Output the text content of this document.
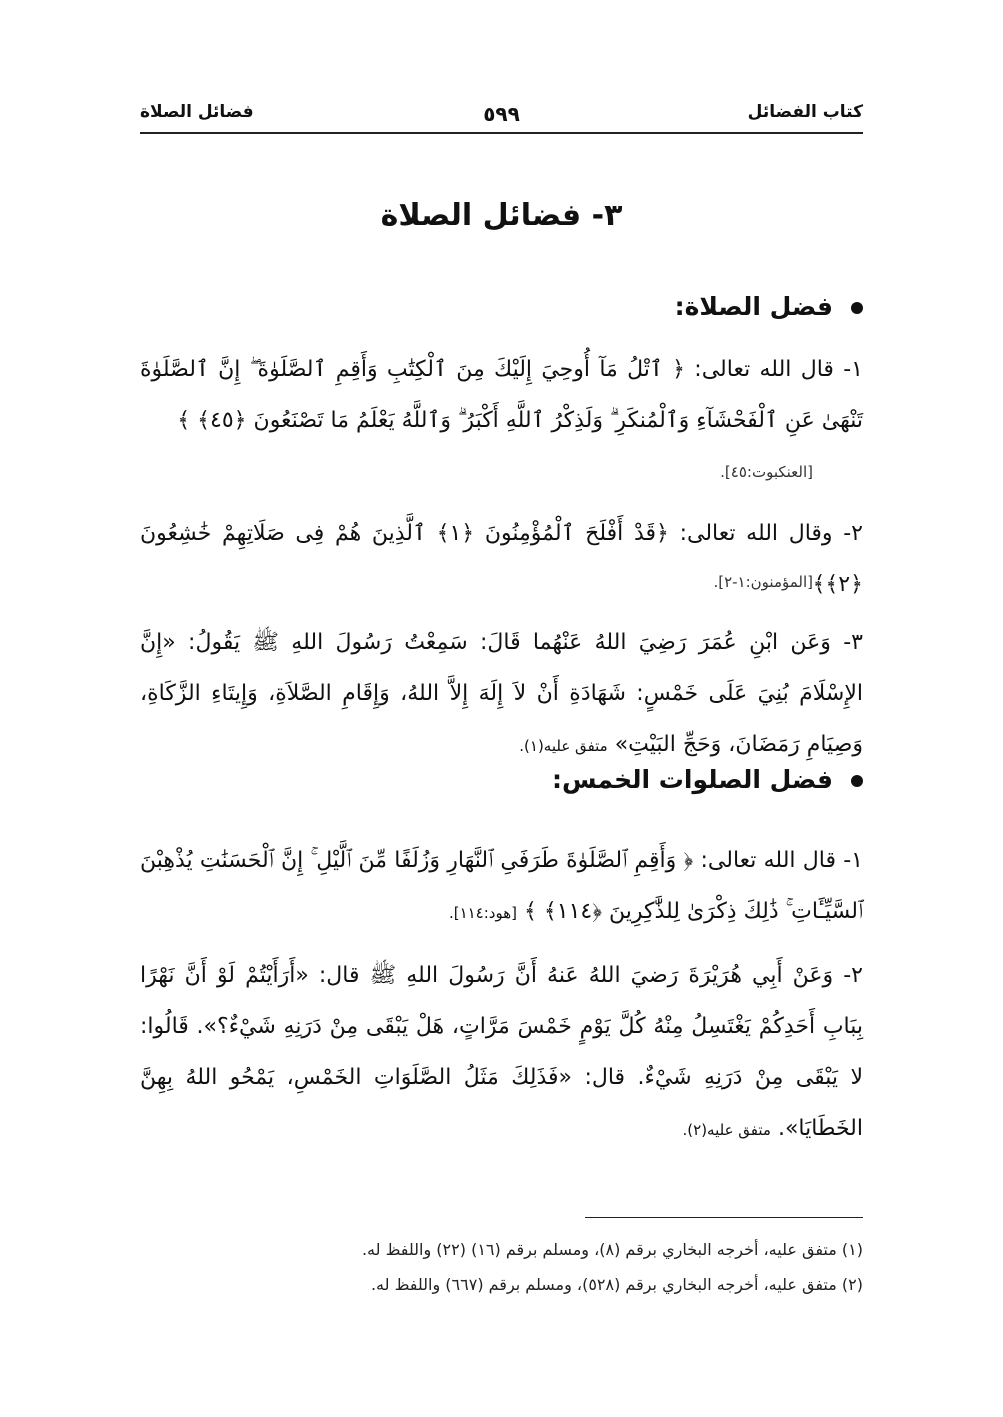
كتاب الفضائل
٥٩٩
فضائل الصلاة
٣- فضائل الصلاة
فضل الصلاة:
١- قال الله تعالى: ﴿ ٱتْلُ مَآ أُوحِيَ إِلَيْكَ مِنَ ٱلْكِتَٰبِ وَأَقِمِ ٱلصَّلَوٰةَ ۖ إِنَّ ٱلصَّلَوٰةَ تَنْهَىٰ عَنِ ٱلْفَحْشَآءِ وَٱلْمُنكَرِ ۗ وَلَذِكْرُ ٱللَّهِ أَكْبَرُ ۗ وَٱللَّهُ يَعْلَمُ مَا تَصْنَعُونَ ﴿٤٥﴾ ﴾
[العنكبوت:٤٥].
٢- وقال الله تعالى: ﴿قَدْ أَفْلَحَ ٱلْمُؤْمِنُونَ ﴿١﴾ ٱلَّذِينَ هُمْ فِى صَلَاتِهِمْ خَٰشِعُونَ ﴿٢﴾﴾
[المؤمنون:١-٢].
٣- وَعَن ابْنِ عُمَرَ رَضِيَ اللهُ عَنْهُما قَالَ: سَمِعْتُ رَسُولَ اللهِ ﷺ يَقُولُ: «إِنَّ الإِسْلَامَ بُنِيَ عَلَى خَمْسٍ: شَهَادَةِ أَنْ لاَ إِلَهَ إِلاَّ اللهُ، وَإِقَامِ الصَّلاَةِ، وَإِيتَاءِ الزَّكَاةِ، وَصِيَامِ رَمَضَانَ، وَحَجِّ البَيْتِ» متفق عليه(١).
فضل الصلوات الخمس:
١- قال الله تعالى: ﴿ وَأَقِمِ ٱلصَّلَوٰةَ طَرَفَىِ ٱلنَّهَارِ وَزُلَفًا مِّنَ ٱلَّيْلِ ۚ إِنَّ ٱلْحَسَنَٰتِ يُذْهِبْنَ ٱلسَّيِّـَٔاتِ ۚ ذَٰلِكَ ذِكْرَىٰ لِلذَّٰكِرِينَ ﴿١١٤﴾ ﴾ [هود:١١٤].
٢- وَعَنْ أَبِي هُرَيْرَةَ رَضيَ اللهُ عَنهُ أَنَّ رَسُولَ اللهِ ﷺ قال: «أَرَأَيْتُمْ لَوْ أَنَّ نَهْرًا بِبَابِ أَحَدِكُمْ يَغْتَسِلُ مِنْهُ كُلَّ يَوْمٍ خَمْسَ مَرَّاتٍ، هَلْ يَبْقَى مِنْ دَرَنِهِ شَيْءٌ؟». قَالُوا: لا يَبْقَى مِنْ دَرَنِهِ شَيْءٌ. قال: «فَذَلِكَ مَثَلُ الصَّلَوَاتِ الخَمْسِ، يَمْحُو اللهُ بِهِنَّ الخَطَايَا». متفق عليه(٢).
(١) متفق عليه، أخرجه البخاري برقم (٨)، ومسلم برقم (١٦) (٢٢) واللفظ له.
(٢) متفق عليه، أخرجه البخاري برقم (٥٢٨)، ومسلم برقم (٦٦٧) واللفظ له.
